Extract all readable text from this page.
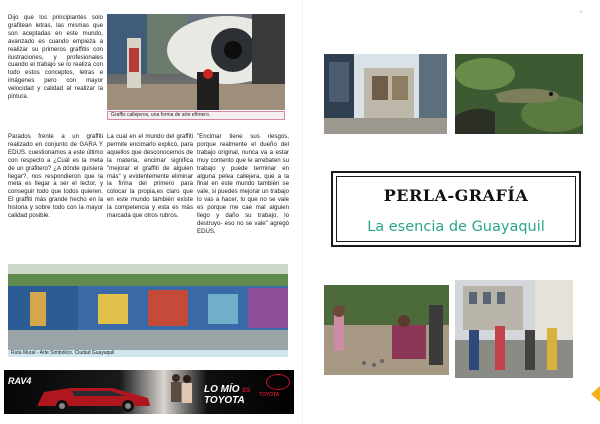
Dijo que los principiantes solo grafitean letras, las mismas que son aceptadas en este mundo, avanzado es cuando empieza a realizar su primeros graffitis con ilustraciones, y profesionales cuando el trabajo se lo realiza con todo estos conceptos, letras e imágenes pero con mayor velocidad y calidad al realizar la pintura.

Graffis callejeros, una forma de arte efímero.

Parados frente a un graffiti realizado en conjunto de GARA Y EDUS. cuestionamos a este último con respecto a ¿Cuál es la meta de un grafitero? ¿A dónde quisiera llegar?, nos respondieron que la meta es llegar a ser el lector, y conseguir todo que todos quieren. El graffiti más grande hecho en la historia y sobre todo con la mayor calidad posible.

La cual en el mundo del graffiti permite encimarlo explicó, para aquellos que desconocemos de la materia, encimar significa "mejorar el graffiti de alguien más" y evidentemente eliminar la firma del primero para colocar la propia,es claro que en este mundo también existe la competencia y esta es más marcada que otros rubros.

"Encimar tiene sus riesgos, porque realmente el dueño del trabajo original, nunca va a estar muy contento que le arrebaten su trabajo y puede terminar en alguna pelea callejera, que a la final en este mundo también se vale, si puedes mejorar un trabajo lo vas a hacer, lo que no se vale es porque me cae mal alguien llego y daño su trabajo, lo destruyo- eso no se vale" agregó EDUS.

Ruta Mural - Arte Simbólico. Ciudad Guayaquil
RAV4
LO MÍO ES
TOYOTA	TOYOTA
•
PERLA-GRAFÍA
La esencia de Guayaquil
